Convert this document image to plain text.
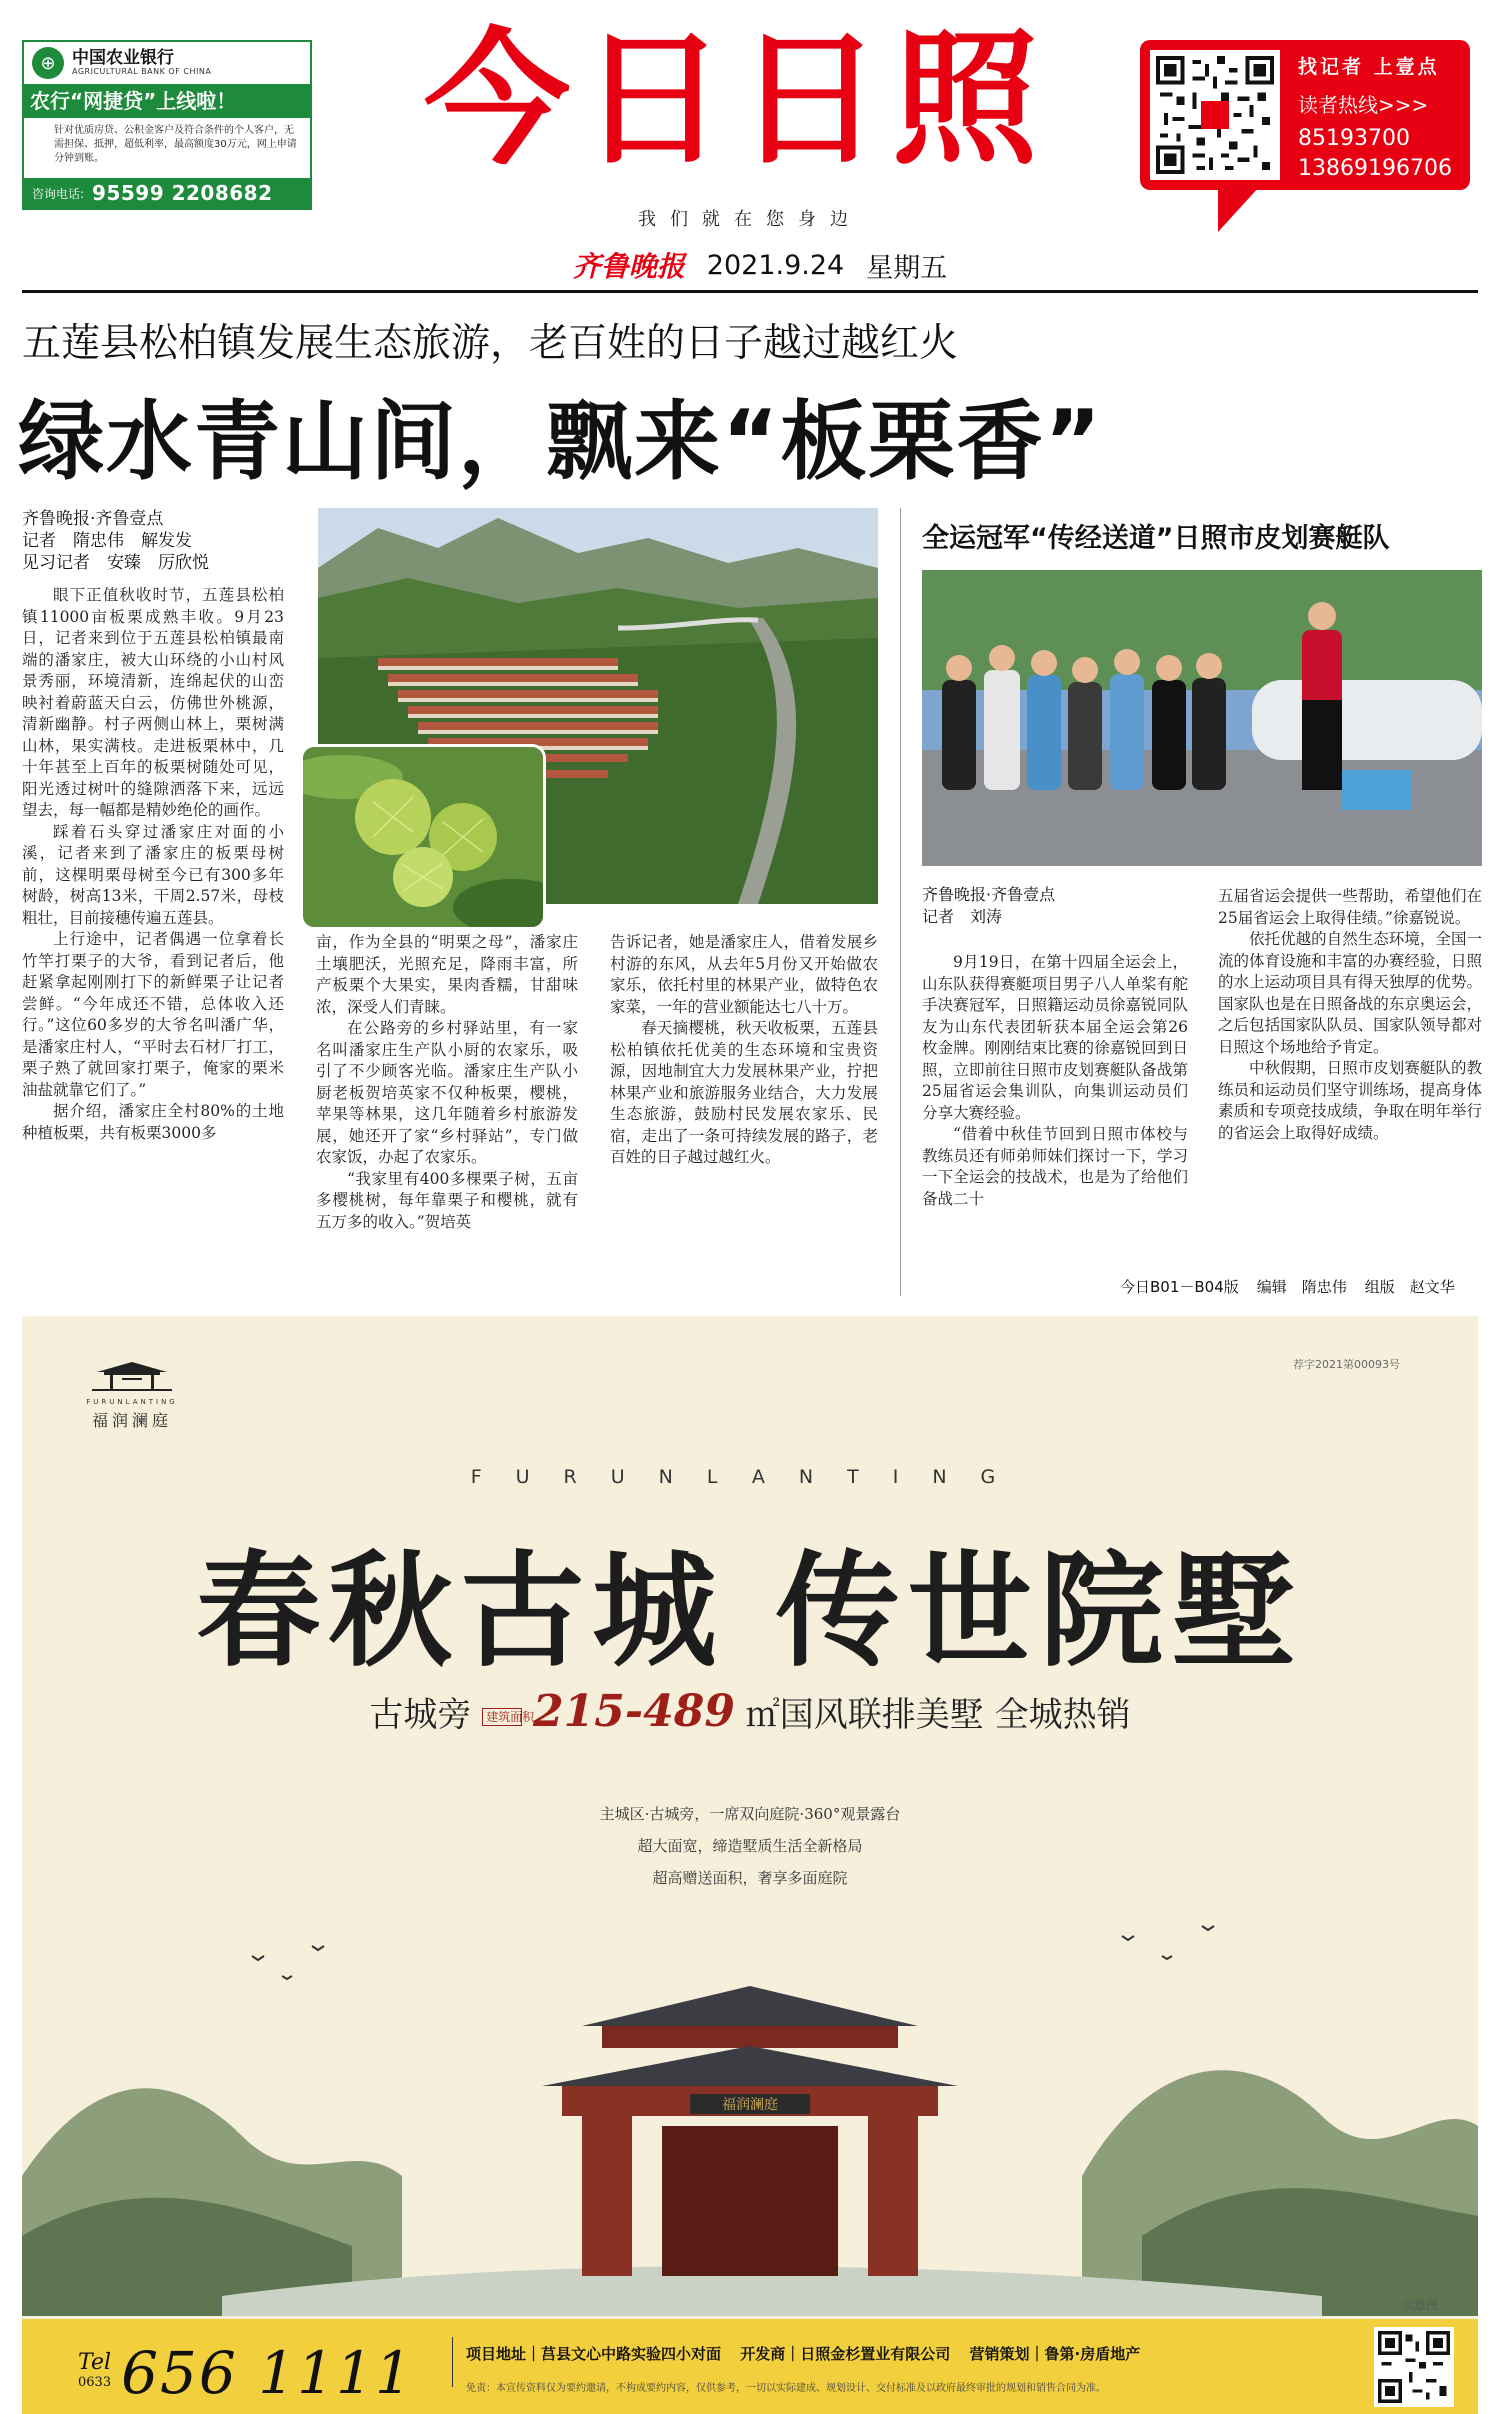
⊕ 中国农业银行
AGRICULTURAL BANK OF CHINA
农行“网捷贷”上线啦！
针对优质房贷、公积金客户及符合条件的个人客户，无需担保、抵押，超低利率，最高额度30万元，网上申请分钟到账。
咨询电话: 95599 2208682
今日日照
我们就在您身边
齐鲁晚报 2021.9.24 星期五
找记者 上壹点
读者热线>>>
85193700
13869196706
五莲县松柏镇发展生态旅游，老百姓的日子越过越红火
绿水青山间，飘来“板栗香”
齐鲁晚报·齐鲁壹点
记者　隋忠伟　解发发
见习记者　安臻　厉欣悦

眼下正值秋收时节，五莲县松柏镇11000亩板栗成熟丰收。9月23日，记者来到位于五莲县松柏镇最南端的潘家庄，被大山环绕的小山村风景秀丽，环境清新，连绵起伏的山峦映衬着蔚蓝天白云，仿佛世外桃源，清新幽静。村子两侧山林上，栗树满山林，果实满枝。走进板栗林中，几十年甚至上百年的板栗树随处可见，阳光透过树叶的缝隙洒落下来，远远望去，每一幅都是精妙绝伦的画作。

踩着石头穿过潘家庄对面的小溪，记者来到了潘家庄的板栗母树前，这棵明栗母树至今已有300多年树龄，树高13米，干周2.57米，母枝粗壮，目前接穗传遍五莲县。

上行途中，记者偶遇一位拿着长竹竿打栗子的大爷，看到记者后，他赶紧拿起刚刚打下的新鲜栗子让记者尝鲜。“今年成还不错，总体收入还行。”这位60多岁的大爷名叫潘广华，是潘家庄村人，“平时去石材厂打工，栗子熟了就回家打栗子，俺家的栗米油盐就靠它们了。”

据介绍，潘家庄全村80%的土地种植板栗，共有板栗3000多

亩，作为全县的“明栗之母”，潘家庄土壤肥沃，光照充足，降雨丰富，所产板栗个大果实，果肉香糯，甘甜味浓，深受人们青睐。

在公路旁的乡村驿站里，有一家名叫潘家庄生产队小厨的农家乐，吸引了不少顾客光临。潘家庄生产队小厨老板贺培英家不仅种板栗，樱桃，苹果等林果，这几年随着乡村旅游发展，她还开了家“乡村驿站”，专门做农家饭，办起了农家乐。

“我家里有400多棵栗子树，五亩多樱桃树，每年靠栗子和樱桃，就有五万多的收入。”贺培英

告诉记者，她是潘家庄人，借着发展乡村游的东风，从去年5月份又开始做农家乐，依托村里的林果产业，做特色农家菜，一年的营业额能达七八十万。

春天摘樱桃，秋天收板栗，五莲县松柏镇依托优美的生态环境和宝贵资源，因地制宜大力发展林果产业，拧把林果产业和旅游服务业结合，大力发展生态旅游，鼓励村民发展农家乐、民宿，走出了一条可持续发展的路子，老百姓的日子越过越红火。

全运冠军“传经送道”日照市皮划赛艇队
齐鲁晚报·齐鲁壹点
记者　刘涛

9月19日，在第十四届全运会上，山东队获得赛艇项目男子八人单桨有舵手决赛冠军，日照籍运动员徐嘉锐同队友为山东代表团斩获本届全运会第26枚金牌。刚刚结束比赛的徐嘉锐回到日照，立即前往日照市皮划赛艇队备战第25届省运会集训队，向集训运动员们分享大赛经验。

“借着中秋佳节回到日照市体校与教练员还有师弟师妹们探讨一下，学习一下全运会的技战术，也是为了给他们备战二十

五届省运会提供一些帮助，希望他们在25届省运会上取得佳绩。”徐嘉锐说。

依托优越的自然生态环境，全国一流的体育设施和丰富的办赛经验，日照的水上运动项目具有得天独厚的优势。国家队也是在日照备战的东京奥运会，之后包括国家队队员、国家队领导都对日照这个场地给予肯定。

中秋假期，日照市皮划赛艇队的教练员和运动员们坚守训练场，提高身体素质和专项竞技成绩，争取在明年举行的省运会上取得好成绩。

今日B01－B04版 编辑　隋忠伟 组版　赵文华
荐字2021第00093号
FURUNLANTING
福润澜庭
FURUNLANTING
春秋古城 传世院墅
古城旁 建筑面积 215-489 ㎡国风联排美墅 全城热销
主城区·古城旁，一席双向庭院·360°观景露台
超大面宽，缔造墅质生活全新格局
超高赠送面积，奢享多面庭院
福润澜庭
示意图
Tel
0633 656 1111	项目地址｜莒县文心中路实验四小对面 开发商｜日照金杉置业有限公司 营销策划｜鲁第·房盾地产
免责：本宣传资料仅为要约邀请，不构成要约内容，仅供参考，一切以实际建成、规划设计、交付标准及以政府最终审批的规划和销售合同为准。
